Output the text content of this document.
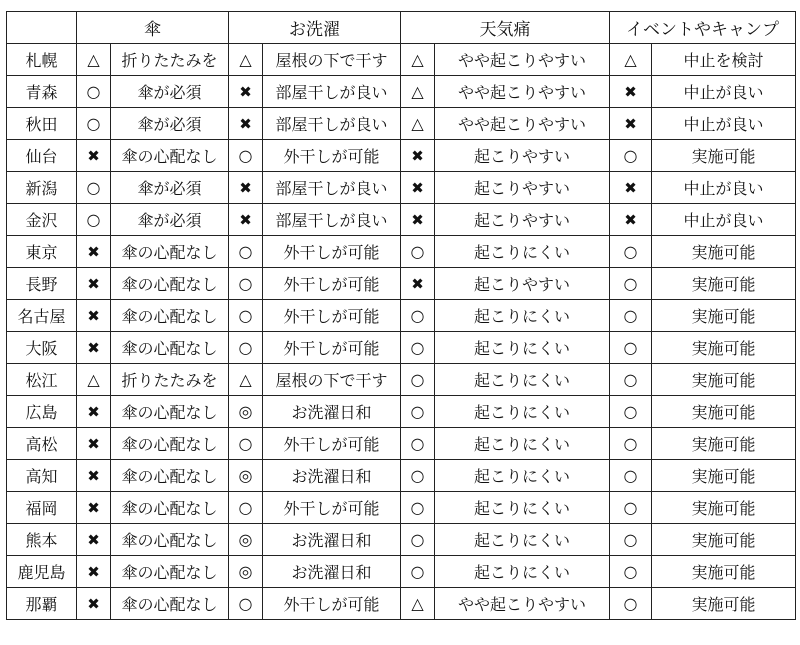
	傘		お洗濯		天気痛		イベントやキャンプ	
札幌	△	折りたたみを	△	屋根の下で干す	△	やや起こりやすい	△	中止を検討
青森	○	傘が必須	✖	部屋干しが良い	△	やや起こりやすい	✖	中止が良い
秋田	○	傘が必須	✖	部屋干しが良い	△	やや起こりやすい	✖	中止が良い
仙台	✖	傘の心配なし	○	外干しが可能	✖	起こりやすい	○	実施可能
新潟	○	傘が必須	✖	部屋干しが良い	✖	起こりやすい	✖	中止が良い
金沢	○	傘が必須	✖	部屋干しが良い	✖	起こりやすい	✖	中止が良い
東京	✖	傘の心配なし	○	外干しが可能	○	起こりにくい	○	実施可能
長野	✖	傘の心配なし	○	外干しが可能	✖	起こりやすい	○	実施可能
名古屋	✖	傘の心配なし	○	外干しが可能	○	起こりにくい	○	実施可能
大阪	✖	傘の心配なし	○	外干しが可能	○	起こりにくい	○	実施可能
松江	△	折りたたみを	△	屋根の下で干す	○	起こりにくい	○	実施可能
広島	✖	傘の心配なし	◎	お洗濯日和	○	起こりにくい	○	実施可能
高松	✖	傘の心配なし	○	外干しが可能	○	起こりにくい	○	実施可能
高知	✖	傘の心配なし	◎	お洗濯日和	○	起こりにくい	○	実施可能
福岡	✖	傘の心配なし	○	外干しが可能	○	起こりにくい	○	実施可能
熊本	✖	傘の心配なし	◎	お洗濯日和	○	起こりにくい	○	実施可能
鹿児島	✖	傘の心配なし	◎	お洗濯日和	○	起こりにくい	○	実施可能
那覇	✖	傘の心配なし	○	外干しが可能	△	やや起こりやすい	○	実施可能
